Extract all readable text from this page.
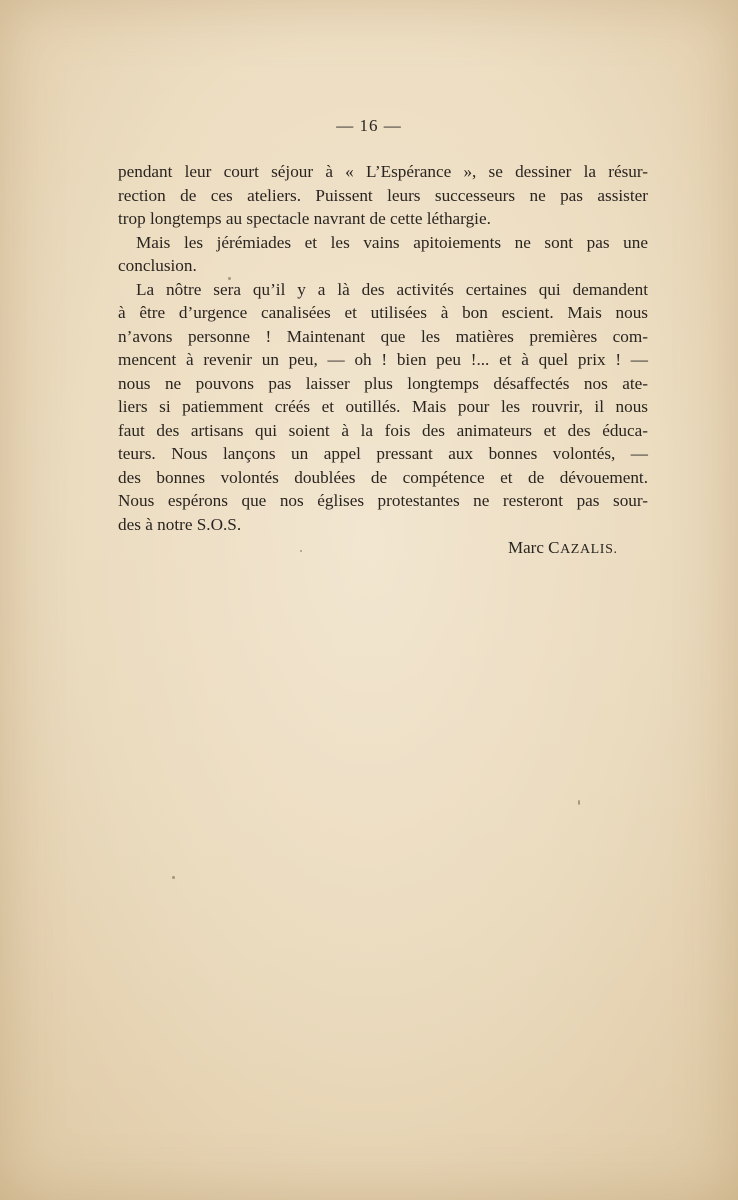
— 16 —
pendant leur court séjour à « L’Espérance », se dessiner la résur-
rection de ces ateliers. Puissent leurs successeurs ne pas assister
trop longtemps au spectacle navrant de cette léthargie.
Mais les jérémiades et les vains apitoiements ne sont pas une
conclusion.
La nôtre sera qu’il y a là des activités certaines qui demandent
à être d’urgence canalisées et utilisées à bon escient. Mais nous
n’avons personne ! Maintenant que les matières premières com-
mencent à revenir un peu, — oh ! bien peu !... et à quel prix ! —
nous ne pouvons pas laisser plus longtemps désaffectés nos ate-
liers si patiemment créés et outillés. Mais pour les rouvrir, il nous
faut des artisans qui soient à la fois des animateurs et des éduca-
teurs. Nous lançons un appel pressant aux bonnes volontés, —
des bonnes volontés doublées de compétence et de dévouement.
Nous espérons que nos églises protestantes ne resteront pas sour-
des à notre S.O.S.
Marc CAZALIS.
